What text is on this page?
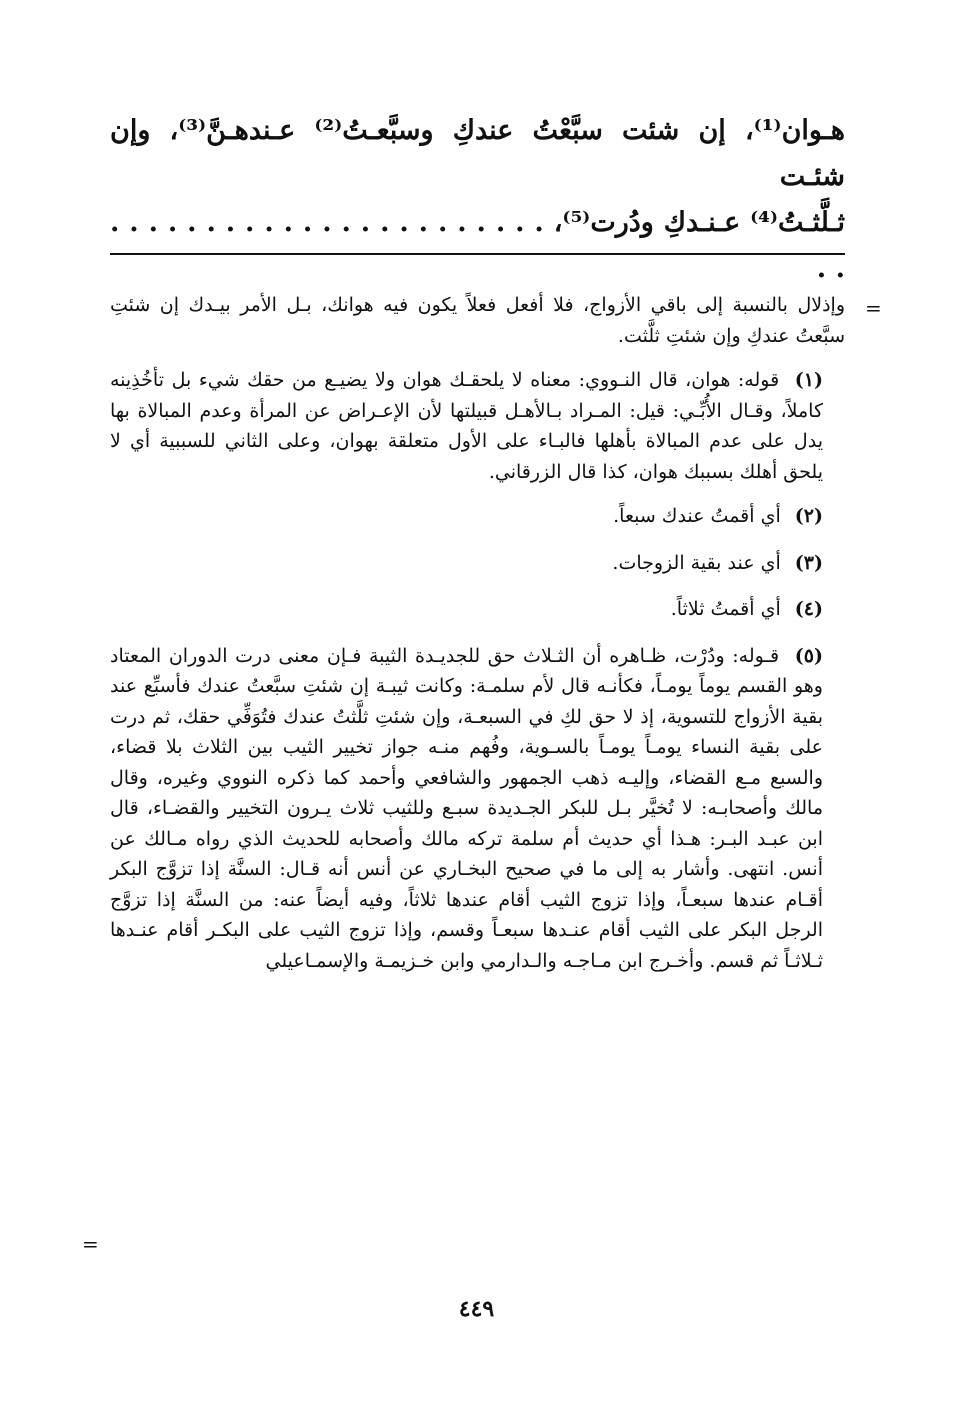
هـوان⁽¹⁾، إن شئت سبَّعْتُ عندكِ وسبَّعـتُ⁽²⁾ عـندهـنَّ⁽³⁾، وإن شئـت

ثـلَّثـتُ⁽⁴⁾ عـنـدكِ ودُرت⁽⁵⁾، . . . . . . . . . . . . . . . . . . . . . . . . .

=

وإذلال بالنسبة إلى باقي الأزواج، فلا أفعل فعلاً يكون فيه هوانك، بـل الأمر بيـدك إن شئتِ سبَّعتُ عندكِ وإن شئتِ ثلَّثت.

(١) قوله: هوان، قال النـووي: معناه لا يلحقـك هوان ولا يضيـع من حقك شيء بل تأخُذِينه كاملاً، وقـال الأُبِّـي: قيل: المـراد بـالأهـل قبيلتها لأن الإعـراض عن المرأة وعدم المبالاة بها يدل على عدم المبالاة بأهلها فالبـاء على الأول متعلقة بهوان، وعلى الثاني للسببية أي لا يلحق أهلك بسببك هوان، كذا قال الزرقاني.

(٢) أي أقمتُ عندك سبعاً.

(٣) أي عند بقية الزوجات.

(٤) أي أقمتُ ثلاثاً.

(٥) قـوله: ودُرْت، ظـاهره أن الثـلاث حق للجديـدة الثيبة فـإن معنى درت الدوران المعتاد وهو القسم يوماً يومـاً، فكأنـه قال لأم سلمـة: وكانت ثيبـة إن شئتِ سبَّعتُ عندك فأسبِّع عند بقية الأزواج للتسوية، إذ لا حق لكِ في السبعـة، وإن شئتِ ثلَّثتُ عندك فتُوَفِّي حقك، ثم درت على بقية النساء يومـاً يومـاً بالسـوية، وفُهم منـه جواز تخيير الثيب بين الثلاث بلا قضاء، والسبع مـع القضاء، وإليـه ذهب الجمهور والشافعي وأحمد كما ذكره النووي وغيره، وقال مالك وأصحابـه: لا تُخيَّر بـل للبكر الجـديدة سبـع وللثيب ثلاث يـرون التخيير والقضـاء، قال ابن عبـد البـر: هـذا أي حديث أم سلمة تركه مالك وأصحابه للحديث الذي رواه مـالك عن أنس. انتهى. وأشار به إلى ما في صحيح البخـاري عن أنس أنه قـال: السنَّة إذا تزوَّج البكر أقـام عندها سبعـاً، وإذا تزوج الثيب أقام عندها ثلاثاً، وفيه أيضاً عنه: من السنَّة إذا تزوَّج الرجل البكر على الثيب أقام عنـدها سبعـاً وقسم، وإذا تزوج الثيب على البكـر أقام عنـدها ثـلاثـاً ثم قسم. وأخـرج ابن مـاجـه والـدارمي وابن خـزيمـة والإسمـاعيلي

=
٤٤٩
